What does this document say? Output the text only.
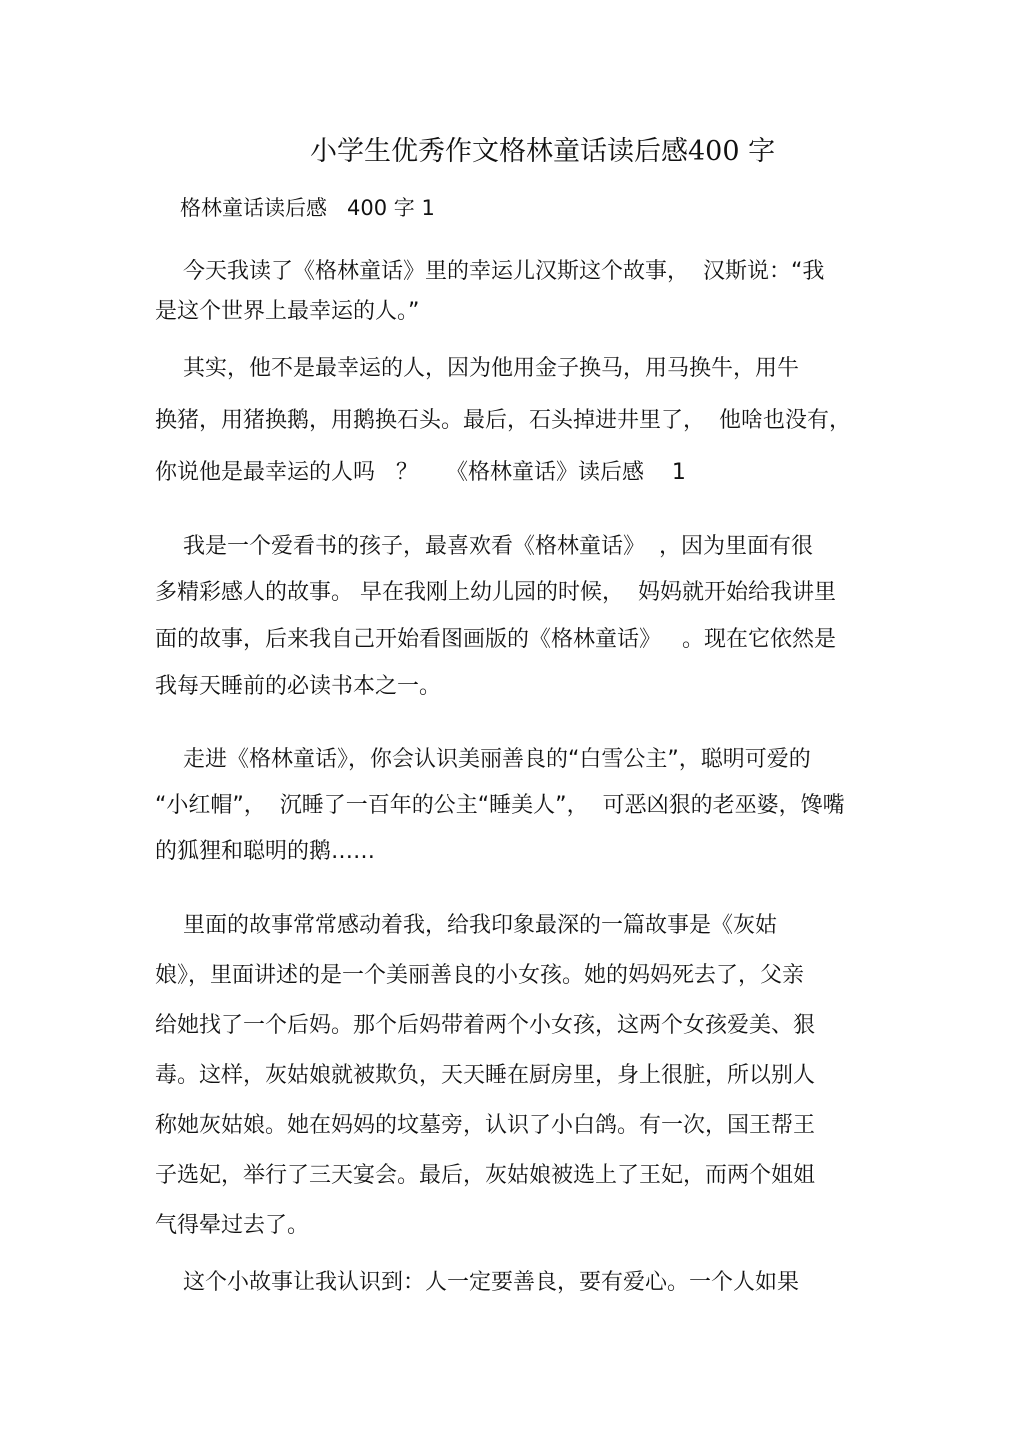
小学生优秀作文格林童话读后感400 字

格林童话读后感   400 字 1

今天我读了《格林童话》里的幸运儿汉斯这个故事，  汉斯说：“我

是这个世界上最幸运的人。”

其实，他不是最幸运的人，因为他用金子换马，用马换牛，用牛

换猪，用猪换鹅，用鹅换石头。最后，石头掉进井里了，  他啥也没有，

你说他是最幸运的人吗   ？    《格林童话》读后感    1

我是一个爱看书的孩子，最喜欢看《格林童话》  ，因为里面有很

多精彩感人的故事。 早在我刚上幼儿园的时候，  妈妈就开始给我讲里

面的故事，后来我自己开始看图画版的《格林童话》   。现在它依然是

我每天睡前的必读书本之一。

走进《格林童话》，你会认识美丽善良的“白雪公主”，聪明可爱的

“小红帽”，  沉睡了一百年的公主“睡美人”，  可恶凶狠的老巫婆，馋嘴

的狐狸和聪明的鹅……

里面的故事常常感动着我，给我印象最深的一篇故事是《灰姑

娘》，里面讲述的是一个美丽善良的小女孩。她的妈妈死去了，父亲

给她找了一个后妈。那个后妈带着两个小女孩，这两个女孩爱美、狠

毒。这样，灰姑娘就被欺负，天天睡在厨房里，身上很脏，所以别人

称她灰姑娘。她在妈妈的坟墓旁，认识了小白鸽。有一次，国王帮王

子选妃，举行了三天宴会。最后，灰姑娘被选上了王妃，而两个姐姐

气得晕过去了。

这个小故事让我认识到：人一定要善良，要有爱心。一个人如果
